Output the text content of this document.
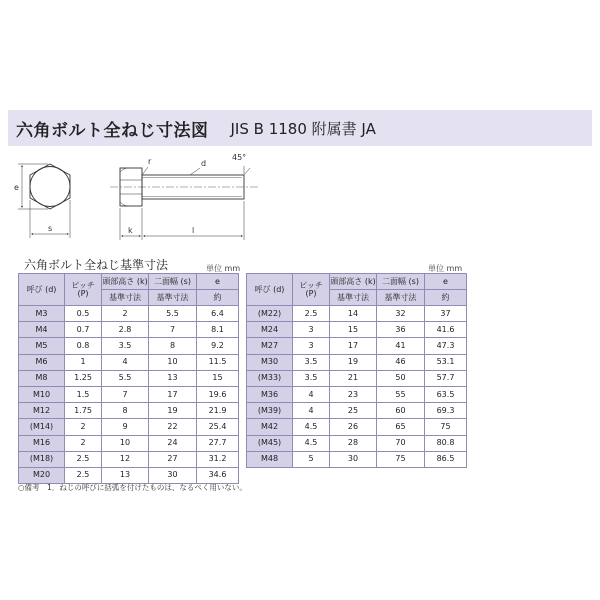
六角ボルト全ねじ寸法図 JIS B 1180 附属書 JA
e
s	k	l
r	d
45°
六角ボルト全ねじ基準寸法	単位 mm	単位 mm
呼び (d)	ピッチ
(P)	頭部高さ (k)	二面幅 (s)	e
		基準寸法	基準寸法	約
M3	0.5	2	5.5	6.4
M4	0.7	2.8	7	8.1
M5	0.8	3.5	8	9.2
M6	1	4	10	11.5
M8	1.25	5.5	13	15
M10	1.5	7	17	19.6
M12	1.75	8	19	21.9
(M14)	2	9	22	25.4
M16	2	10	24	27.7
(M18)	2.5	12	27	31.2
M20	2.5	13	30	34.6
呼び (d)	ピッチ
(P)	頭部高さ (k)	二面幅 (s)	e
		基準寸法	基準寸法	約
(M22)	2.5	14	32	37
M24	3	15	36	41.6
M27	3	17	41	47.3
M30	3.5	19	46	53.1
(M33)	3.5	21	50	57.7
M36	4	23	55	63.5
(M39)	4	25	60	69.3
M42	4.5	26	65	75
(M45)	4.5	28	70	80.8
M48	5	30	75	86.5
○備考　1．ねじの呼びに括弧を付けたものは、なるべく用いない。
